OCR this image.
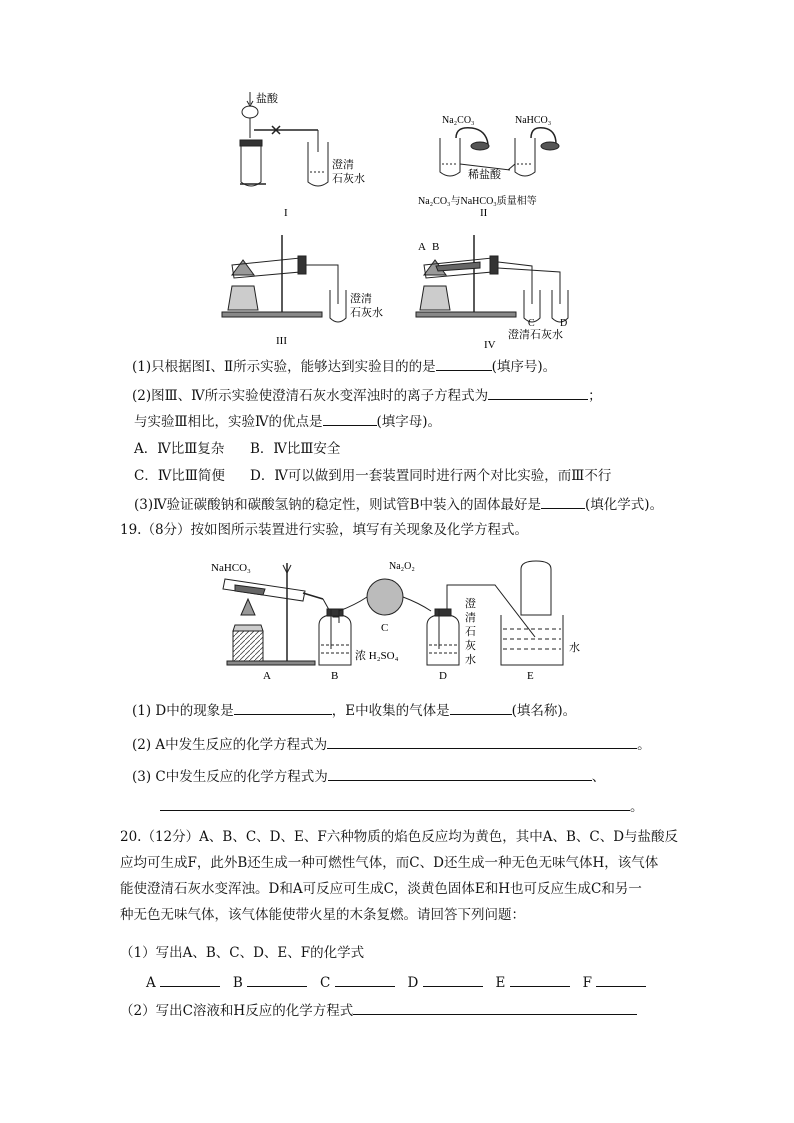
盐酸
澄清
石灰水
I
Na₂CO₃	NaHCO₃
稀盐酸
Na₂CO₃与NaHCO₃质量相等
II
澄清
石灰水
III
A B
C	D
澄清石灰水
IV
(1)只根据图Ⅰ、Ⅱ所示实验，能够达到实验目的的是	(填序号)。
(2)图Ⅲ、Ⅳ所示实验使澄清石灰水变浑浊时的离子方程式为	；
与实验Ⅲ相比，实验Ⅳ的优点是	(填字母)。
A．Ⅳ比Ⅲ复杂 B．Ⅳ比Ⅲ安全
C．Ⅳ比Ⅲ简便 D．Ⅳ可以做到用一套装置同时进行两个对比实验，而Ⅲ不行
(3)Ⅳ验证碳酸钠和碳酸氢钠的稳定性，则试管B中装入的固体最好是	(填化学式)。
19.（8分）按如图所示装置进行实验，填写有关现象及化学方程式。
NaHCO₃	Na₂O₂
浓 H₂SO₄
澄
清
石
灰
水
水
A	B
C
D	E
(1) D中的现象是	，E中收集的气体是	(填名称)。
(2) A中发生反应的化学方程式为	。
(3) C中发生反应的化学方程式为	、
。
20.（12分）A、B、C、D、E、F六种物质的焰色反应均为黄色，其中A、B、C、D与盐酸反
应均可生成F，此外B还生成一种可燃性气体，而C、D还生成一种无色无味气体H，该气体
能使澄清石灰水变浑浊。D和A可反应可生成C，淡黄色固体E和H也可反应生成C和另一
种无色无味气体，该气体能使带火星的木条复燃。请回答下列问题：
（1）写出A、B、C、D、E、F的化学式
A	B	C	D	E	F
（2）写出C溶液和H反应的化学方程式
